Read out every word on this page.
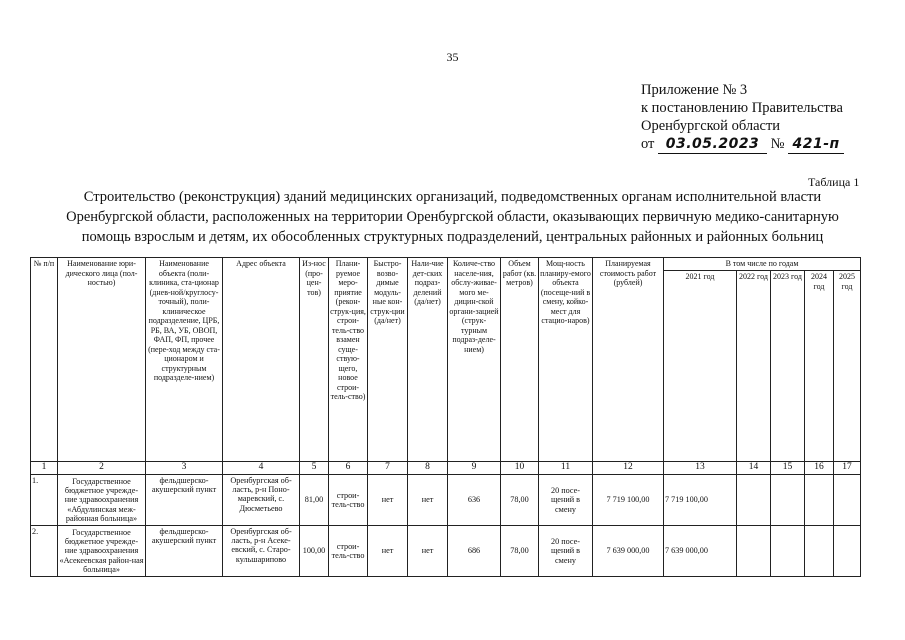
35
Приложение № 3
к постановлению Правительства
Оренбургской области
от 03.05.2023 № 421-п
Таблица 1
Строительство (реконструкция) зданий медицинских организаций, подведомственных органам исполнительной власти
Оренбургской области, расположенных на территории Оренбургской области, оказывающих первичную медико-санитарную
помощь взрослым и детям, их обособленных структурных подразделений, центральных районных и районных больниц
№ п/п	Наименование юри-дического лица (пол-ностью)	Наименование объекта (поли-клиника, ста-ционар (днев-ной/круглосу-точный), поли-клиническое подразделение, ЦРБ, РБ, ВА, УБ, ОВОП, ФАП, ФП, прочее (пере-ход между ста-ционаром и структурным подразделе-нием)	Адрес объекта	Из-нос (про-цен-тов)	Плани-руемое меро-приятие (рекон-струк-ция, строи-тель-ство взамен суще-ствую-щего, новое строи-тель-ство)	Быстро-возво-димые модуль-ные кон-струк-ции (да/нет)	Нали-чие дет-ских подраз-делений (да/нет)	Количе-ство населе-ния, обслу-живае-мого ме-дицин-ской органи-зацией (струк-турным подраз-деле-нием)	Объем работ (кв. метров)	Мощ-ность планиру-емого объекта (посеще-ний в смену, койко-мест для стацио-наров)	Планируемая стоимость работ (рублей)	В том числе по годам				
												2021 год	2022 год	2023 год	2024 год	2025 год
1	2	3	4	5	6	7	8	9	10	11	12	13	14	15	16	17
1.	Государственное бюджетное учрежде-ние здравоохранения «Абдулинская меж-районная больница»	фельдшерско-акушерский пункт	Оренбургская об-ласть, р-н Поно-маревский, с. Дюсметьево	81,00	строи-тель-ство	нет	нет	636	78,00	20 посе-щений в смену	7 719 100,00	7 719 100,00				
2.	Государственное бюджетное учрежде-ние здравоохранения «Асекеевская район-ная больница»	фельдшерско-акушерский пункт	Оренбургская об-ласть, р-н Асеке-евский, с. Старо-кульшарипово	100,00	строи-тель-ство	нет	нет	686	78,00	20 посе-щений в смену	7 639 000,00	7 639 000,00				
